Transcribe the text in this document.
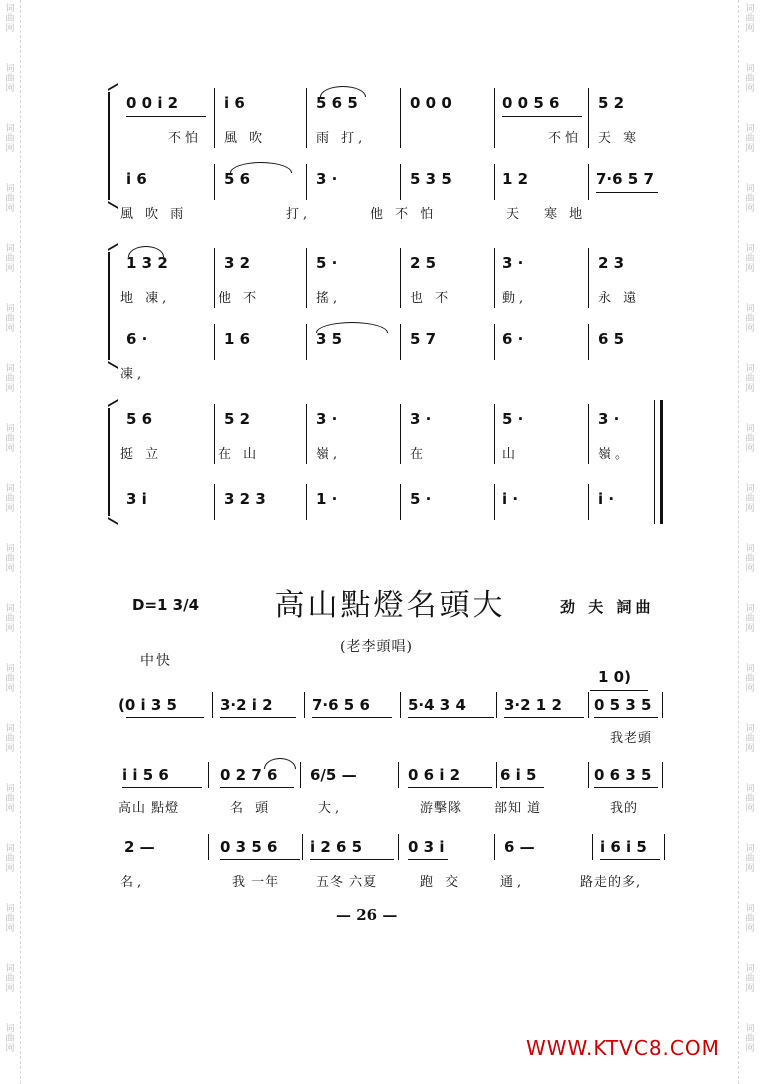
词
曲
网
词
曲
网
词
曲
网
词
曲
网
词
曲
网
词
曲
网
词
曲
网
词
曲
网
词
曲
网
词
曲
网
词
曲
网
词
曲
网
词
曲
网
词
曲
网
词
曲
网
词
曲
网
词
曲
网
词
曲
网
词
曲
网
词
曲
网
词
曲
网
词
曲
网
词
曲
网
词
曲
网
词
曲
网
词
曲
网
词
曲
网
词
曲
网
词
曲
网
词
曲
网
词
曲
网
词
曲
网
词
曲
网
词
曲
网
词
曲
网
词
曲
网
0 0 i 2	i 6	5 6 5	0 0 0	0 0 5 6	5 2
不怕	風 吹	雨 打,	不怕	天 寒
i 6	5 6	3 ·	5 3 5	1 2	7·6 5 7
風 吹 雨	打,	他 不 怕	天	寒 地
1 3 2	3 2	5 ·	2 5	3 ·	2 3
地 凍,	他 不	搖,	也 不	動,	永 遠
6 ·	1 6	3 5	5 7	6 ·	6 5
凍,
5 6	5 2	3 ·	3 ·	5 ·	3 ·
挺 立	在 山	嶺,	在	山	嶺。
3 i	3 2 3	1 ·	5 ·	i ·	i ·
D=1 3/4	高山點燈名頭大	劲 夫 詞曲
(老李頭唱)
中快
1 0)
(0 i 3 5	3·2 i 2	7·6 5 6	5·4 3 4	3·2 1 2	0 5 3 5
我老頭
i i 5 6	0 2 7 6	6/5 —	0 6 i 2	6 i 5	0 6 3 5
高山 點燈	名 頭	大,	游擊隊	部知 道	我的
2 —	0 3 5 6	i 2 6 5	0 3 i	6 —	i 6 i 5
名,	我 一年	五冬 六夏	跑 交	通,	路走的多,
— 26 —
WWW.KTVC8.COM
